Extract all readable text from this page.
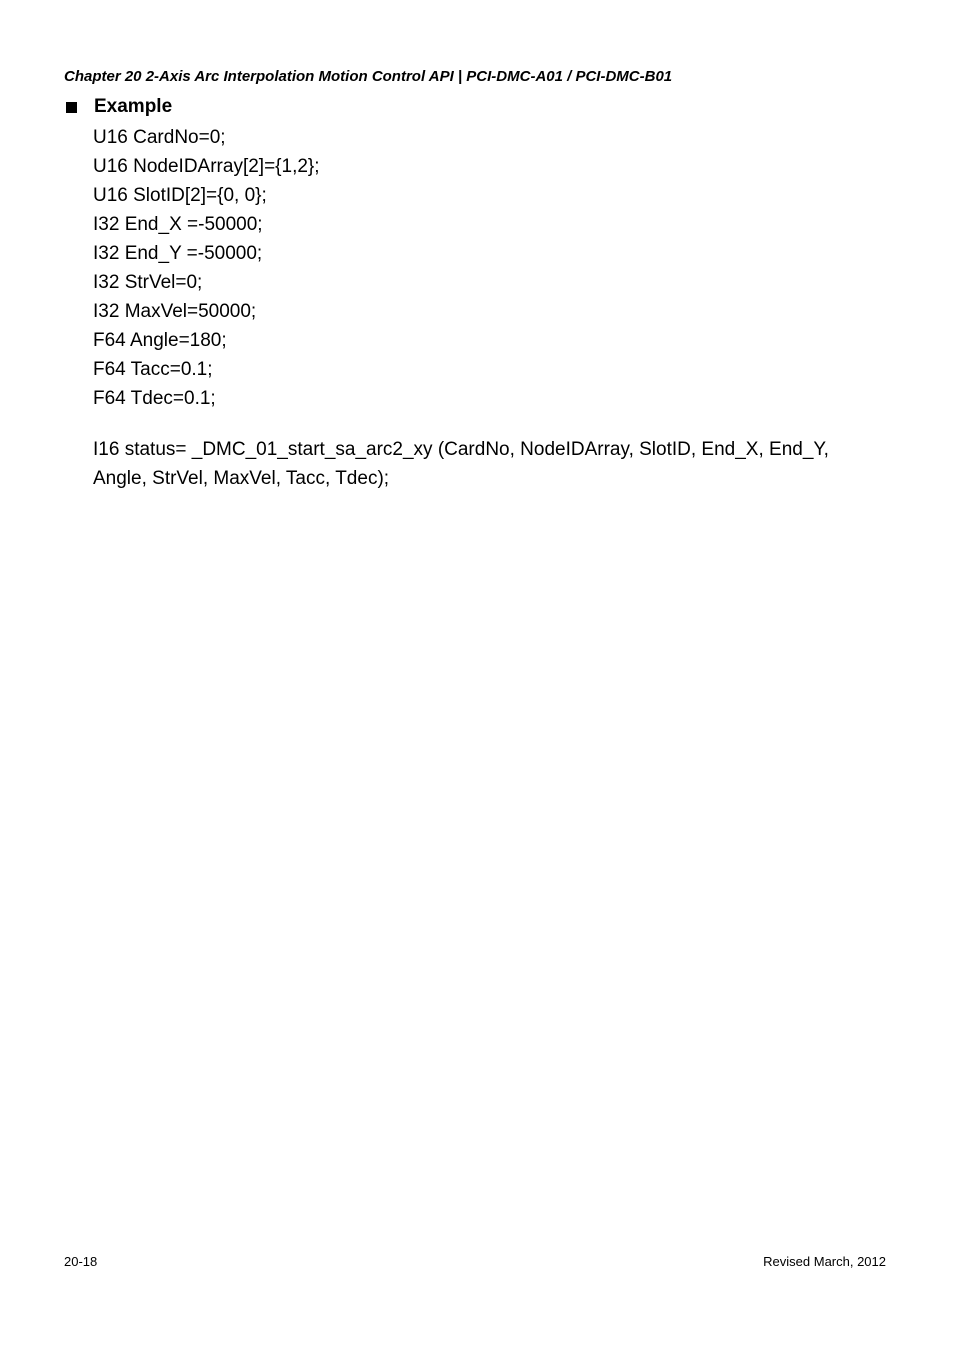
Chapter 20 2-Axis Arc Interpolation Motion Control API | PCI-DMC-A01 / PCI-DMC-B01
Example
U16 CardNo=0;
U16 NodeIDArray[2]={1,2};
U16 SlotID[2]={0, 0};
I32 End_X =-50000;
I32 End_Y =-50000;
I32 StrVel=0;
I32 MaxVel=50000;
F64 Angle=180;
F64 Tacc=0.1;
F64 Tdec=0.1;
I16 status= _DMC_01_start_sa_arc2_xy (CardNo, NodeIDArray, SlotID, End_X, End_Y, Angle, StrVel, MaxVel, Tacc, Tdec);
20-18	Revised March, 2012
